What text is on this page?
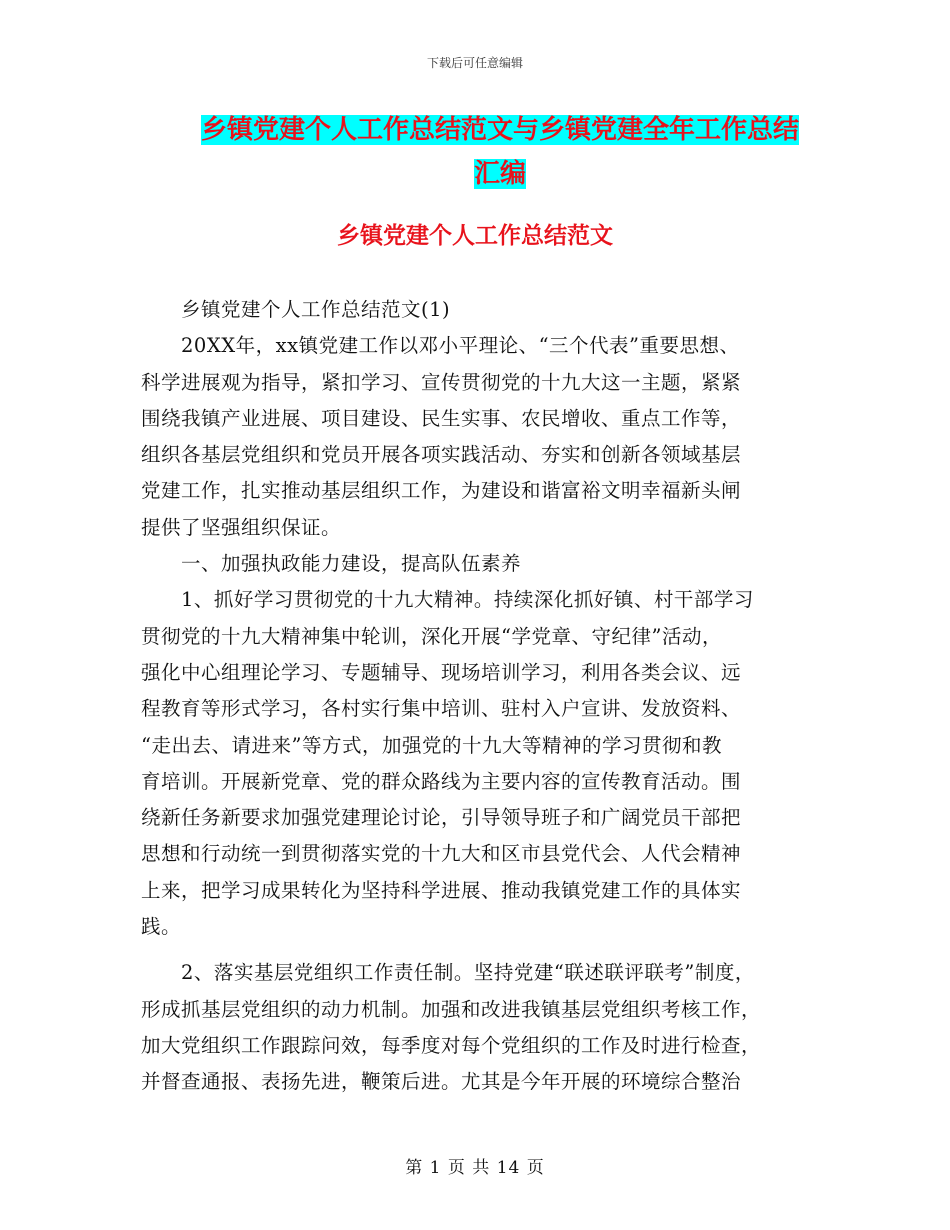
下载后可任意编辑
乡镇党建个人工作总结范文与乡镇党建全年工作总结
汇编
乡镇党建个人工作总结范文
　　乡镇党建个人工作总结范文(1)
　　20XX年，xx镇党建工作以邓小平理论、“三个代表”重要思想、
科学进展观为指导，紧扣学习、宣传贯彻党的十九大这一主题，紧紧
围绕我镇产业进展、项目建设、民生实事、农民增收、重点工作等，
组织各基层党组织和党员开展各项实践活动、夯实和创新各领域基层
党建工作，扎实推动基层组织工作，为建设和谐富裕文明幸福新头闸
提供了坚强组织保证。
　　一、加强执政能力建设，提高队伍素养
　　1、抓好学习贯彻党的十九大精神。持续深化抓好镇、村干部学习
贯彻党的十九大精神集中轮训，深化开展“学党章、守纪律”活动，
强化中心组理论学习、专题辅导、现场培训学习，利用各类会议、远
程教育等形式学习，各村实行集中培训、驻村入户宣讲、发放资料、
“走出去、请进来”等方式，加强党的十九大等精神的学习贯彻和教
育培训。开展新党章、党的群众路线为主要内容的宣传教育活动。围
绕新任务新要求加强党建理论讨论，引导领导班子和广阔党员干部把
思想和行动统一到贯彻落实党的十九大和区市县党代会、人代会精神
上来，把学习成果转化为坚持科学进展、推动我镇党建工作的具体实
践。
　　2、落实基层党组织工作责任制。坚持党建“联述联评联考”制度，
形成抓基层党组织的动力机制。加强和改进我镇基层党组织考核工作，
加大党组织工作跟踪问效，每季度对每个党组织的工作及时进行检查，
并督查通报、表扬先进，鞭策后进。尤其是今年开展的环境综合整治
第 1 页 共 14 页
